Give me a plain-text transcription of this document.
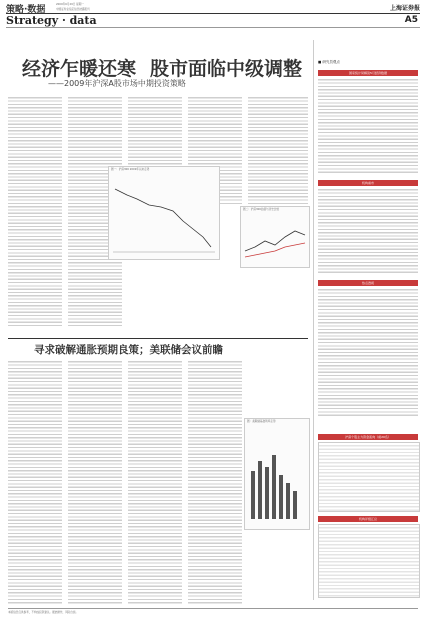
策略·数据
2009年6月29日 星期一
中国证券业指定信息披露报刊	上海证券报
Strategy · data	A5
经济乍暖还寒 股市面临中级调整
——2009年沪深A股市场中期投资策略
图一：沪深300 2009年以来走势
图二：沪深300估值与历史比较
寻求破解通胀预期良策；美联储会议前瞻
图：美联储基准利率走势
■ 研究员观点
国家统计局解读5月经济数据
机构看市
热点透视
沪深个股主力资金流向（前20名）
机构评级汇总
本版信息仅供参考，不构成投资建议。据此操作，风险自担。
